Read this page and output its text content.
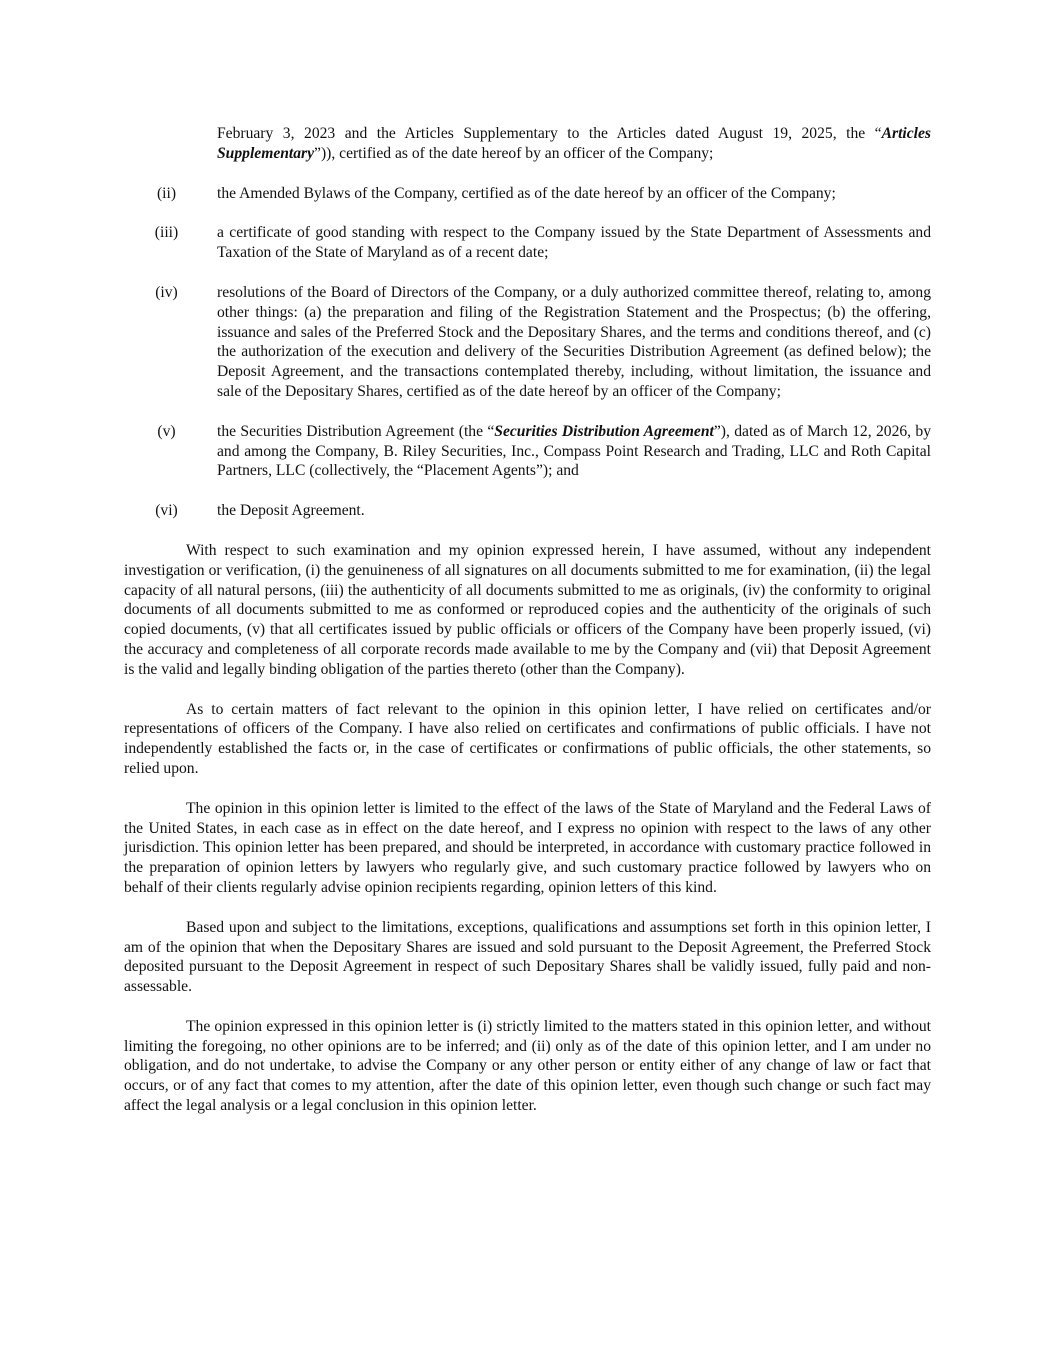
February 3, 2023 and the Articles Supplementary to the Articles dated August 19, 2025, the “Articles Supplementary”)), certified as of the date hereof by an officer of the Company;

(ii)	the Amended Bylaws of the Company, certified as of the date hereof by an officer of the Company;
(iii)	a certificate of good standing with respect to the Company issued by the State Department of Assessments and Taxation of the State of Maryland as of a recent date;
(iv)	resolutions of the Board of Directors of the Company, or a duly authorized committee thereof, relating to, among other things: (a) the preparation and filing of the Registration Statement and the Prospectus; (b) the offering, issuance and sales of the Preferred Stock and the Depositary Shares, and the terms and conditions thereof, and (c) the authorization of the execution and delivery of the Securities Distribution Agreement (as defined below); the Deposit Agreement, and the transactions contemplated thereby, including, without limitation, the issuance and sale of the Depositary Shares, certified as of the date hereof by an officer of the Company;
(v)	the Securities Distribution Agreement (the “Securities Distribution Agreement”), dated as of March 12, 2026, by and among the Company, B. Riley Securities, Inc., Compass Point Research and Trading, LLC and Roth Capital Partners, LLC (collectively, the “Placement Agents”); and
(vi)	the Deposit Agreement.

With respect to such examination and my opinion expressed herein, I have assumed, without any independent investigation or verification, (i) the genuineness of all signatures on all documents submitted to me for examination, (ii) the legal capacity of all natural persons, (iii) the authenticity of all documents submitted to me as originals, (iv) the conformity to original documents of all documents submitted to me as conformed or reproduced copies and the authenticity of the originals of such copied documents, (v) that all certificates issued by public officials or officers of the Company have been properly issued, (vi) the accuracy and completeness of all corporate records made available to me by the Company and (vii) that Deposit Agreement is the valid and legally binding obligation of the parties thereto (other than the Company).

As to certain matters of fact relevant to the opinion in this opinion letter, I have relied on certificates and/or representations of officers of the Company. I have also relied on certificates and confirmations of public officials. I have not independently established the facts or, in the case of certificates or confirmations of public officials, the other statements, so relied upon.

The opinion in this opinion letter is limited to the effect of the laws of the State of Maryland and the Federal Laws of the United States, in each case as in effect on the date hereof, and I express no opinion with respect to the laws of any other jurisdiction. This opinion letter has been prepared, and should be interpreted, in accordance with customary practice followed in the preparation of opinion letters by lawyers who regularly give, and such customary practice followed by lawyers who on behalf of their clients regularly advise opinion recipients regarding, opinion letters of this kind.

Based upon and subject to the limitations, exceptions, qualifications and assumptions set forth in this opinion letter, I am of the opinion that when the Depositary Shares are issued and sold pursuant to the Deposit Agreement, the Preferred Stock deposited pursuant to the Deposit Agreement in respect of such Depositary Shares shall be validly issued, fully paid and non-assessable.

The opinion expressed in this opinion letter is (i) strictly limited to the matters stated in this opinion letter, and without limiting the foregoing, no other opinions are to be inferred; and (ii) only as of the date of this opinion letter, and I am under no obligation, and do not undertake, to advise the Company or any other person or entity either of any change of law or fact that occurs, or of any fact that comes to my attention, after the date of this opinion letter, even though such change or such fact may affect the legal analysis or a legal conclusion in this opinion letter.
